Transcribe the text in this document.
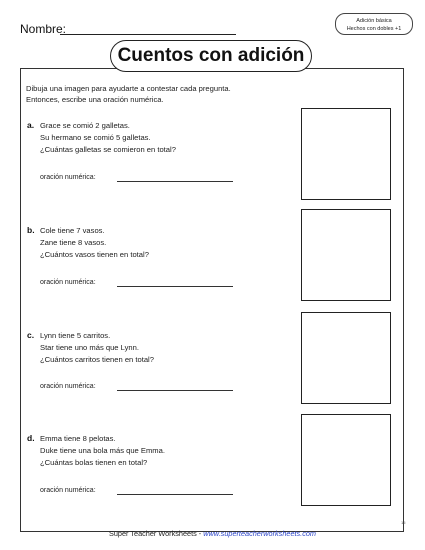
Nombre:
Adición básica
Hechos con dobles +1
Cuentos con adición
Dibuja una imagen para ayudarte a contestar cada pregunta.
Entonces, escribe una oración numérica.
a. Grace se comió 2 galletas.
Su hermano se comió 5 galletas.
¿Cuántas galletas se comieron en total?
oración numérica:
b. Cole tiene 7 vasos.
Zane tiene 8 vasos.
¿Cuántos vasos tienen en total?
oración numérica:
c. Lynn tiene 5 carritos.
Star tiene uno más que Lynn.
¿Cuántos carritos tienen en total?
oración numérica:
d. Emma tiene 8 pelotas.
Duke tiene una bola más que Emma.
¿Cuántas bolas tienen en total?
oración numérica:
15
Super Teacher Worksheets - www.superteacherworksheets.com
